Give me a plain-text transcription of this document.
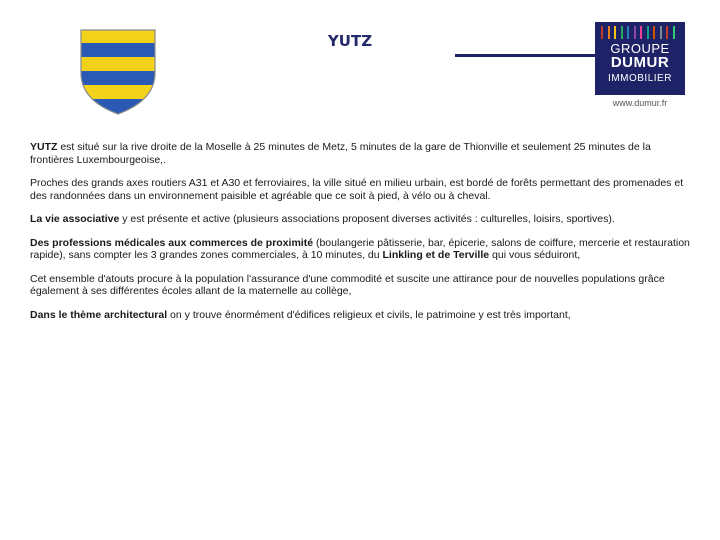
YUTZ	GROUPE
DUMUR
IMMOBILIER
www.dumur.fr

YUTZ est situé sur la rive droite de la Moselle à 25 minutes de Metz, 5 minutes de la gare de Thionville et seulement 25 minutes de la frontières Luxembourgeoise,.

Proches des grands axes routiers A31 et A30 et ferroviaires, la ville situé en milieu urbain, est bordé de forêts permettant des promenades et des randonnées dans un environnement paisible et agréable que ce soit à pied, à vélo ou à cheval.

La vie associative y est présente et active (plusieurs associations proposent diverses activités : culturelles, loisirs, sportives).

Des professions médicales aux commerces de proximité (boulangerie pâtisserie, bar, épicerie, salons de coiffure, mercerie et restauration rapide), sans compter les 3 grandes zones commerciales, à 10 minutes, du Linkling et de Terville qui vous séduiront,

Cet ensemble d'atouts procure à la population l'assurance d'une commodité et suscite une attirance pour de nouvelles populations grâce également à ses différentes écoles allant de la maternelle au collège,

Dans le thème architectural on y trouve énormément d'édifices religieux et civils, le patrimoine y est très important,
